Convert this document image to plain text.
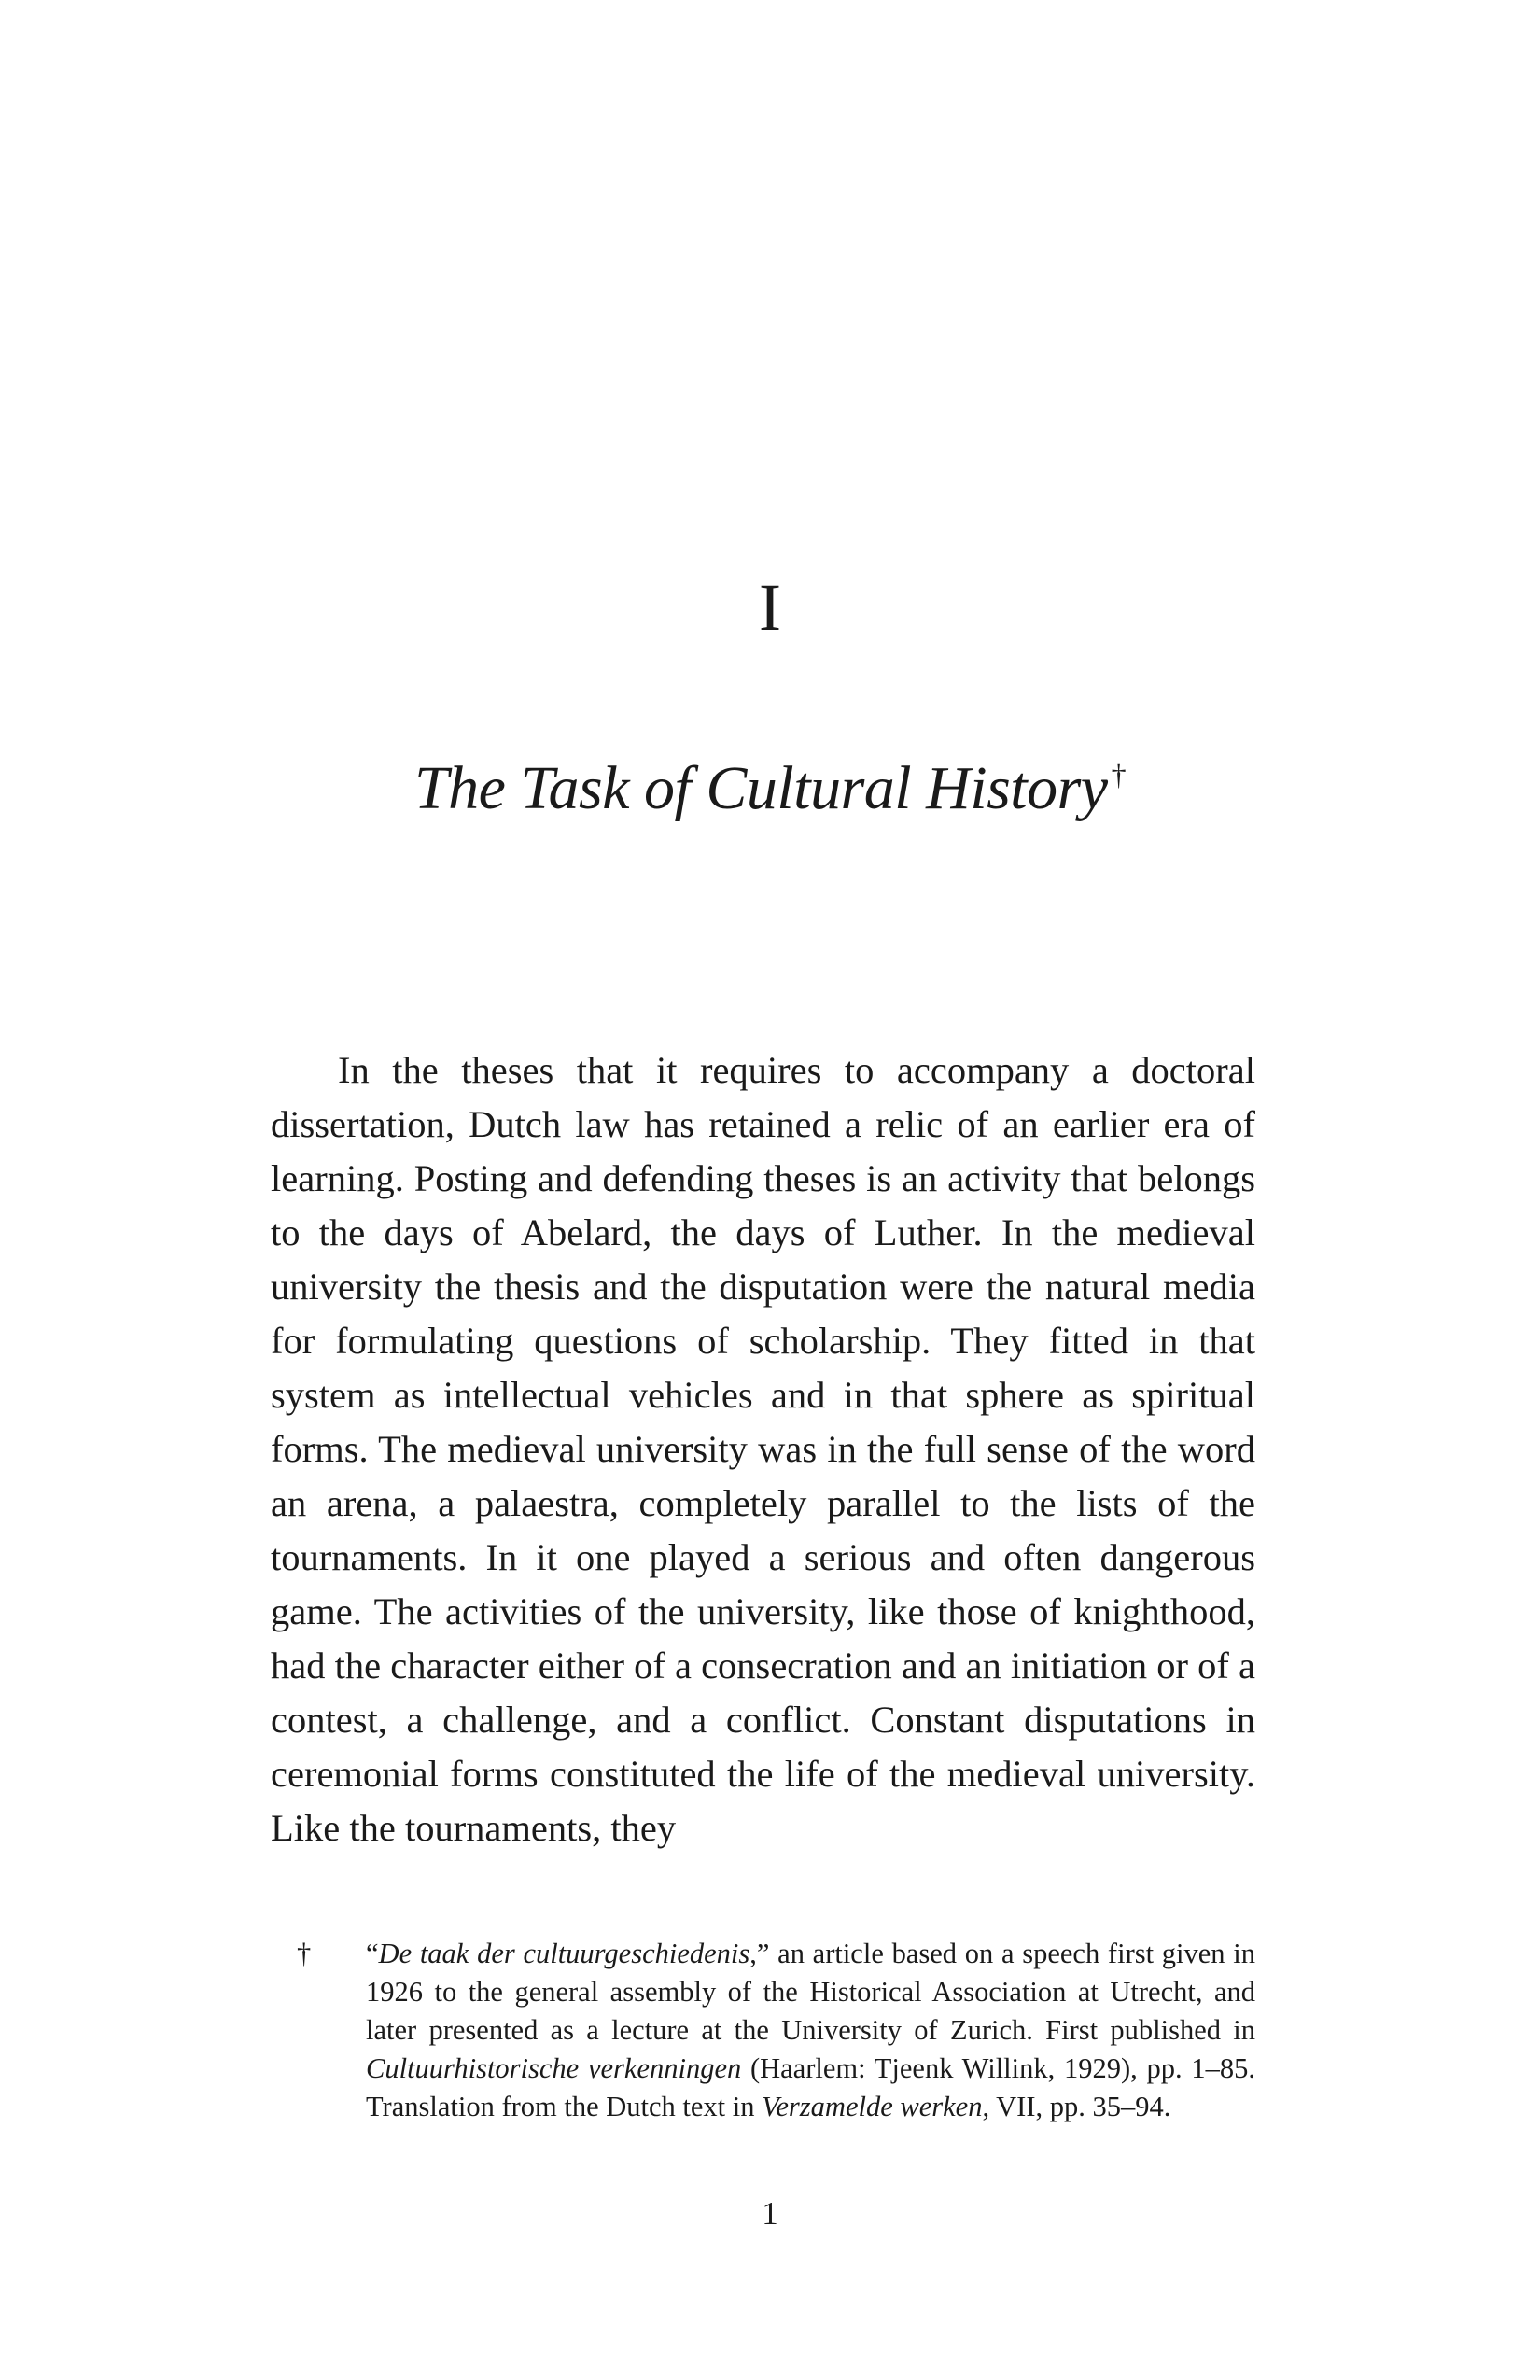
I
The Task of Cultural History †

In the theses that it requires to accompany a doctoral dissertation, Dutch law has retained a relic of an earlier era of learning. Posting and defending theses is an activity that belongs to the days of Abelard, the days of Luther. In the medieval university the thesis and the disputation were the natural media for formulating questions of scholarship. They fitted in that system as intellectual vehicles and in that sphere as spiritual forms. The medieval university was in the full sense of the word an arena, a palaestra, completely parallel to the lists of the tournaments. In it one played a serious and often dangerous game. The activities of the university, like those of knighthood, had the character either of a consecration and an initiation or of a contest, a challenge, and a conflict. Constant disputations in ceremonial forms constituted the life of the medieval university. Like the tournaments, they

†	“De taak der cultuurgeschiedenis,” an article based on a speech first given in 1926 to the general assembly of the Historical Association at Utrecht, and later presented as a lecture at the University of Zurich. First published in Cultuurhistorische verkenningen (Haarlem: Tjeenk Willink, 1929), pp. 1–85. Translation from the Dutch text in Verzamelde werken, VII, pp. 35–94.

1
